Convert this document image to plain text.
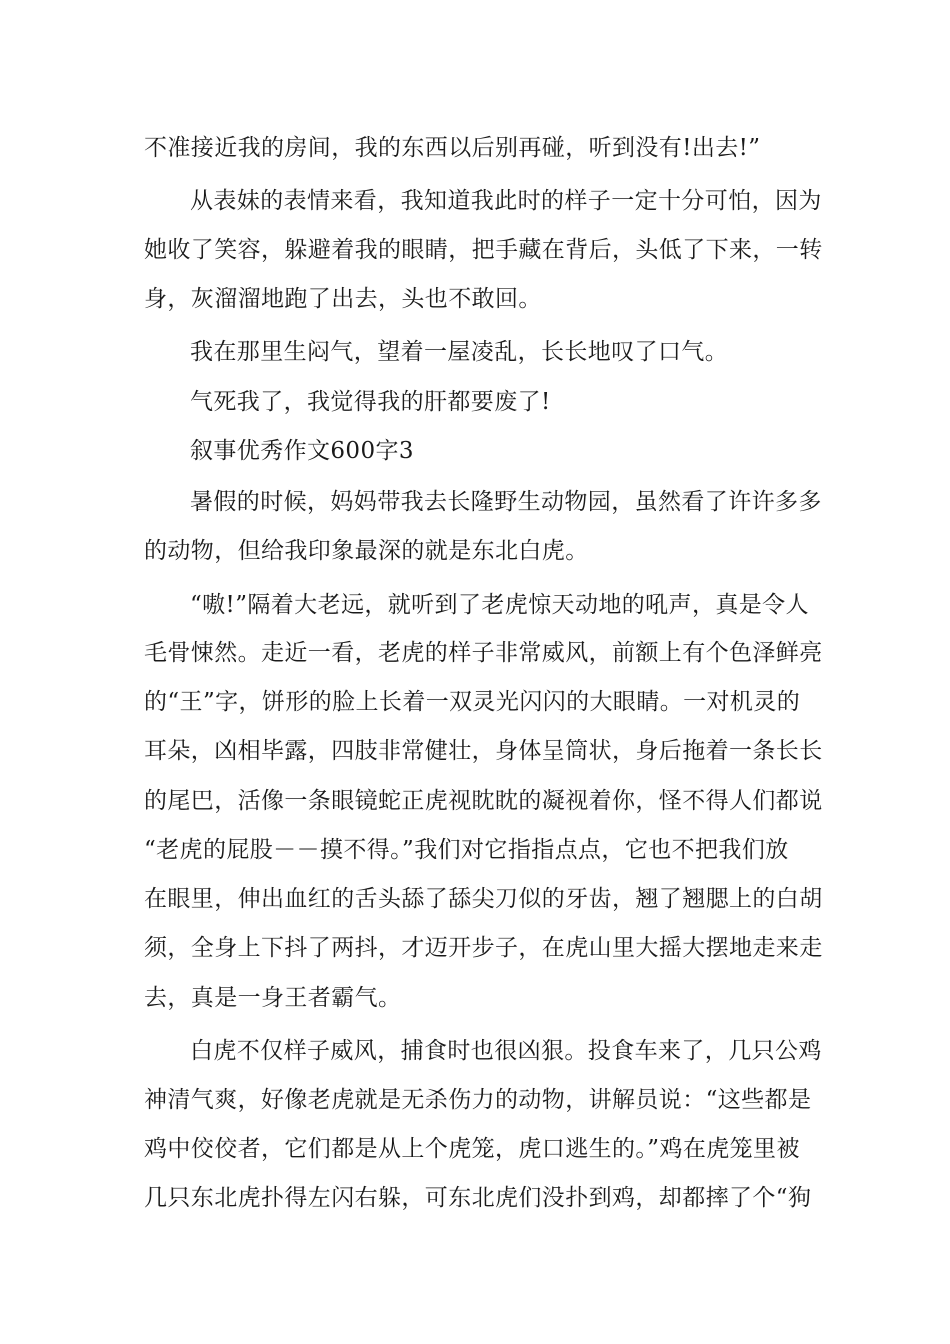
不准接近我的房间，我的东西以后别再碰，听到没有!出去!”
从表妹的表情来看，我知道我此时的样子一定十分可怕，因为
她收了笑容，躲避着我的眼睛，把手藏在背后，头低了下来，一转
身，灰溜溜地跑了出去，头也不敢回。
我在那里生闷气，望着一屋凌乱，长长地叹了口气。
气死我了，我觉得我的肝都要废了!
叙事优秀作文600字3
暑假的时候，妈妈带我去长隆野生动物园，虽然看了许许多多
的动物，但给我印象最深的就是东北白虎。
“嗷!”隔着大老远，就听到了老虎惊天动地的吼声，真是令人
毛骨悚然。走近一看，老虎的样子非常威风，前额上有个色泽鲜亮
的“王”字，饼形的脸上长着一双灵光闪闪的大眼睛。一对机灵的
耳朵，凶相毕露，四肢非常健壮，身体呈筒状，身后拖着一条长长
的尾巴，活像一条眼镜蛇正虎视眈眈的凝视着你，怪不得人们都说
“老虎的屁股－－摸不得。”我们对它指指点点，它也不把我们放
在眼里，伸出血红的舌头舔了舔尖刀似的牙齿，翘了翘腮上的白胡
须，全身上下抖了两抖，才迈开步子，在虎山里大摇大摆地走来走
去，真是一身王者霸气。
白虎不仅样子威风，捕食时也很凶狠。投食车来了，几只公鸡
神清气爽，好像老虎就是无杀伤力的动物，讲解员说：“这些都是
鸡中佼佼者，它们都是从上个虎笼，虎口逃生的。”鸡在虎笼里被
几只东北虎扑得左闪右躲，可东北虎们没扑到鸡，却都摔了个“狗
